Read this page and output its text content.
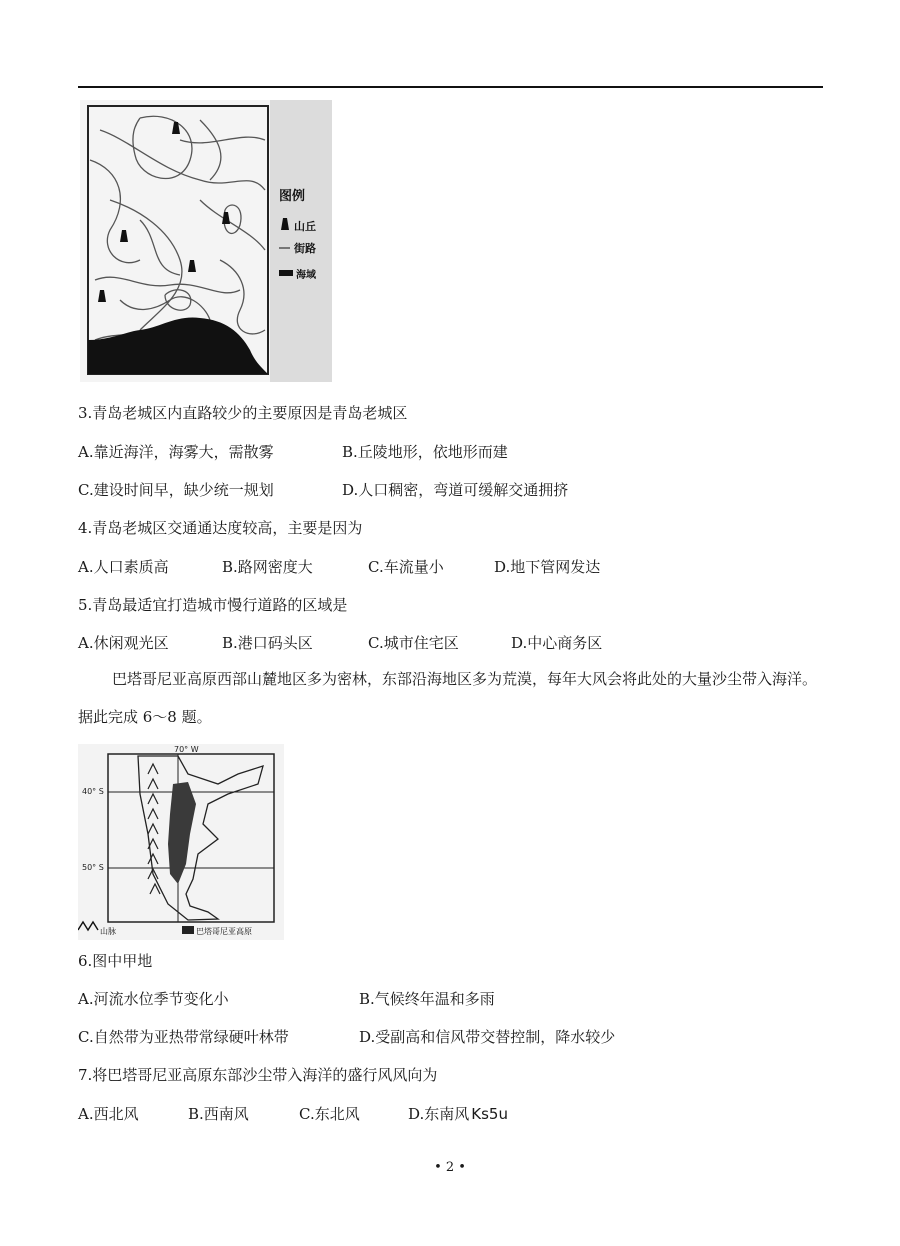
图例
山丘
街路
海域
3.青岛老城区内直路较少的主要原因是青岛老城区
A.靠近海洋，海雾大，需散雾	B.丘陵地形，依地形而建
C.建设时间早，缺少统一规划	D.人口稠密，弯道可缓解交通拥挤
4.青岛老城区交通通达度较高，主要是因为
A.人口素质高	B.路网密度大	C.车流量小	D.地下管网发达
5.青岛最适宜打造城市慢行道路的区域是
A.休闲观光区	B.港口码头区	C.城市住宅区	D.中心商务区
巴塔哥尼亚高原西部山麓地区多为密林，东部沿海地区多为荒漠，每年大风会将此处的大量沙尘带入海洋。据此完成 6～8 题。
70° W
40° S
50° S
山脉	巴塔哥尼亚高原
6.图中甲地
A.河流水位季节变化小	B.气候终年温和多雨
C.自然带为亚热带常绿硬叶林带	D.受副高和信风带交替控制，降水较少
7.将巴塔哥尼亚高原东部沙尘带入海洋的盛行风风向为
A.西北风	B.西南风	C.东北风	D.东南风 Ks5u
• 2 •
